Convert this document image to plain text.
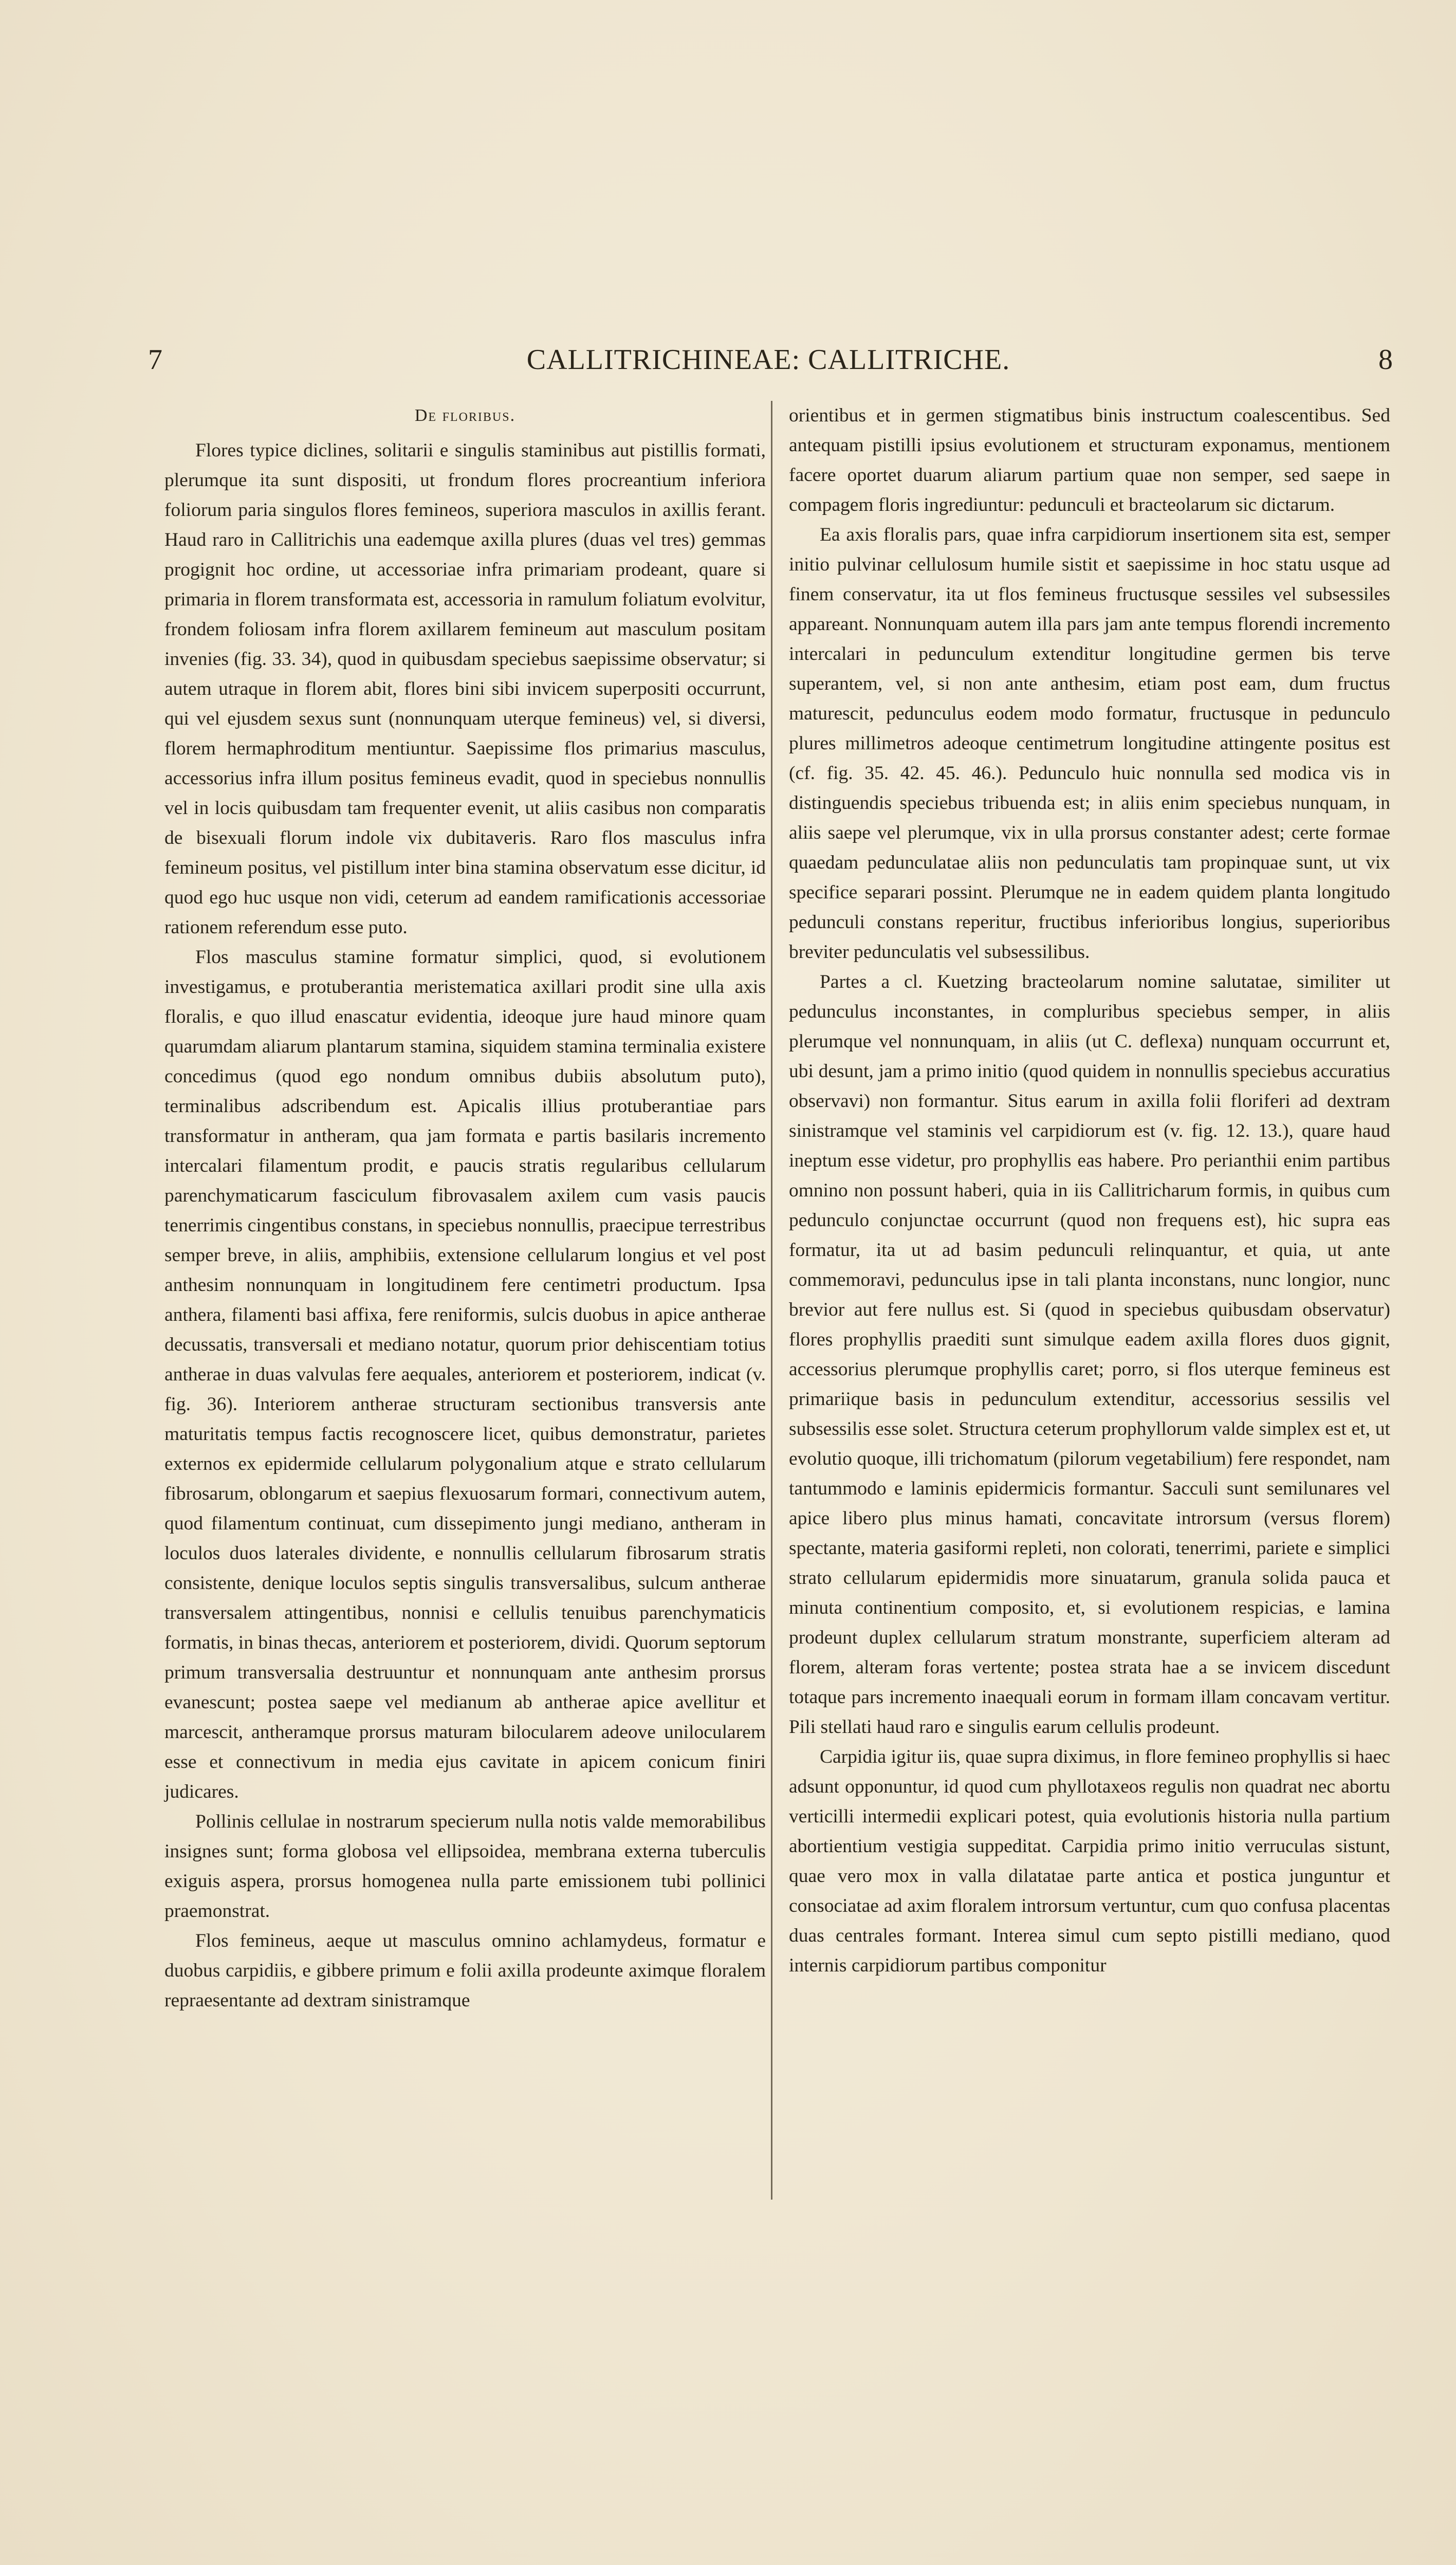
7	CALLITRICHINEAE: CALLITRICHE.	8
De floribus.

Flores typice diclines, solitarii e singulis staminibus aut pistillis formati, plerumque ita sunt dispositi, ut frondum flores procreantium inferiora foliorum paria singulos flores femineos, superiora masculos in axillis ferant. Haud raro in Callitrichis una eademque axilla plures (duas vel tres) gemmas progignit hoc ordine, ut accessoriae infra primariam prodeant, quare si primaria in florem transformata est, accessoria in ramulum foliatum evolvitur, frondem foliosam infra florem axillarem femineum aut masculum positam invenies (fig. 33. 34), quod in quibusdam speciebus saepissime observatur; si autem utraque in florem abit, flores bini sibi invicem superpositi occurrunt, qui vel ejusdem sexus sunt (nonnunquam uterque femineus) vel, si diversi, florem hermaphroditum mentiuntur. Saepissime flos primarius masculus, accessorius infra illum positus femineus evadit, quod in speciebus nonnullis vel in locis quibusdam tam frequenter evenit, ut aliis casibus non comparatis de bisexuali florum indole vix dubitaveris. Raro flos masculus infra femineum positus, vel pistillum inter bina stamina observatum esse dicitur, id quod ego huc usque non vidi, ceterum ad eandem ramificationis accessoriae rationem referendum esse puto.

Flos masculus stamine formatur simplici, quod, si evolutionem investigamus, e protuberantia meristematica axillari prodit sine ulla axis floralis, e quo illud enascatur evidentia, ideoque jure haud minore quam quarumdam aliarum plantarum stamina, siquidem stamina terminalia existere concedimus (quod ego nondum omnibus dubiis absolutum puto), terminalibus adscribendum est. Apicalis illius protuberantiae pars transformatur in antheram, qua jam formata e partis basilaris incremento intercalari filamentum prodit, e paucis stratis regularibus cellularum parenchymaticarum fasciculum fibrovasalem axilem cum vasis paucis tenerrimis cingentibus constans, in speciebus nonnullis, praecipue terrestribus semper breve, in aliis, amphibiis, extensione cellularum longius et vel post anthesim nonnunquam in longitudinem fere centimetri productum. Ipsa anthera, filamenti basi affixa, fere reniformis, sulcis duobus in apice antherae decussatis, transversali et mediano notatur, quorum prior dehiscentiam totius antherae in duas valvulas fere aequales, anteriorem et posteriorem, indicat (v. fig. 36). Interiorem antherae structuram sectionibus transversis ante maturitatis tempus factis recognoscere licet, quibus demonstratur, parietes externos ex epidermide cellularum polygonalium atque e strato cellularum fibrosarum, oblongarum et saepius flexuosarum formari, connectivum autem, quod filamentum continuat, cum dissepimento jungi mediano, antheram in loculos duos laterales dividente, e nonnullis cellularum fibrosarum stratis consistente, denique loculos septis singulis transversalibus, sulcum antherae transversalem attingentibus, nonnisi e cellulis tenuibus parenchymaticis formatis, in binas thecas, anteriorem et posteriorem, dividi. Quorum septorum primum transversalia destruuntur et nonnunquam ante anthesim prorsus evanescunt; postea saepe vel medianum ab antherae apice avellitur et marcescit, antheramque prorsus maturam bilocularem adeove unilocularem esse et connectivum in media ejus cavitate in apicem conicum finiri judicares.

Pollinis cellulae in nostrarum specierum nulla notis valde memorabilibus insignes sunt; forma globosa vel ellipsoidea, membrana externa tuberculis exiguis aspera, prorsus homogenea nulla parte emissionem tubi pollinici praemonstrat.

Flos femineus, aeque ut masculus omnino achlamydeus, formatur e duobus carpidiis, e gibbere primum e folii axilla prodeunte aximque floralem repraesentante ad dextram sinistramque

orientibus et in germen stigmatibus binis instructum coalescentibus. Sed antequam pistilli ipsius evolutionem et structuram exponamus, mentionem facere oportet duarum aliarum partium quae non semper, sed saepe in compagem floris ingrediuntur: pedunculi et bracteolarum sic dictarum.

Ea axis floralis pars, quae infra carpidiorum insertionem sita est, semper initio pulvinar cellulosum humile sistit et saepissime in hoc statu usque ad finem conservatur, ita ut flos femineus fructusque sessiles vel subsessiles appareant. Nonnunquam autem illa pars jam ante tempus florendi incremento intercalari in pedunculum extenditur longitudine germen bis terve superantem, vel, si non ante anthesim, etiam post eam, dum fructus maturescit, pedunculus eodem modo formatur, fructusque in pedunculo plures millimetros adeoque centimetrum longitudine attingente positus est (cf. fig. 35. 42. 45. 46.). Pedunculo huic nonnulla sed modica vis in distinguendis speciebus tribuenda est; in aliis enim speciebus nunquam, in aliis saepe vel plerumque, vix in ulla prorsus constanter adest; certe formae quaedam pedunculatae aliis non pedunculatis tam propinquae sunt, ut vix specifice separari possint. Plerumque ne in eadem quidem planta longitudo pedunculi constans reperitur, fructibus inferioribus longius, superioribus breviter pedunculatis vel subsessilibus.

Partes a cl. Kuetzing bracteolarum nomine salutatae, similiter ut pedunculus inconstantes, in compluribus speciebus semper, in aliis plerumque vel nonnunquam, in aliis (ut C. deflexa) nunquam occurrunt et, ubi desunt, jam a primo initio (quod quidem in nonnullis speciebus accuratius observavi) non formantur. Situs earum in axilla folii floriferi ad dextram sinistramque vel staminis vel carpidiorum est (v. fig. 12. 13.), quare haud ineptum esse videtur, pro prophyllis eas habere. Pro perianthii enim partibus omnino non possunt haberi, quia in iis Callitricharum formis, in quibus cum pedunculo conjunctae occurrunt (quod non frequens est), hic supra eas formatur, ita ut ad basim pedunculi relinquantur, et quia, ut ante commemoravi, pedunculus ipse in tali planta inconstans, nunc longior, nunc brevior aut fere nullus est. Si (quod in speciebus quibusdam observatur) flores prophyllis praediti sunt simulque eadem axilla flores duos gignit, accessorius plerumque prophyllis caret; porro, si flos uterque femineus est primariique basis in pedunculum extenditur, accessorius sessilis vel subsessilis esse solet. Structura ceterum prophyllorum valde simplex est et, ut evolutio quoque, illi trichomatum (pilorum vegetabilium) fere respondet, nam tantummodo e laminis epidermicis formantur. Sacculi sunt semilunares vel apice libero plus minus hamati, concavitate introrsum (versus florem) spectante, materia gasiformi repleti, non colorati, tenerrimi, pariete e simplici strato cellularum epidermidis more sinuatarum, granula solida pauca et minuta continentium composito, et, si evolutionem respicias, e lamina prodeunt duplex cellularum stratum monstrante, superficiem alteram ad florem, alteram foras vertente; postea strata hae a se invicem discedunt totaque pars incremento inaequali eorum in formam illam concavam vertitur. Pili stellati haud raro e singulis earum cellulis prodeunt.

Carpidia igitur iis, quae supra diximus, in flore femineo prophyllis si haec adsunt opponuntur, id quod cum phyllotaxeos regulis non quadrat nec abortu verticilli intermedii explicari potest, quia evolutionis historia nulla partium abortientium vestigia suppeditat. Carpidia primo initio verruculas sistunt, quae vero mox in valla dilatatae parte antica et postica junguntur et consociatae ad axim floralem introrsum vertuntur, cum quo confusa placentas duas centrales formant. Interea simul cum septo pistilli mediano, quod internis carpidiorum partibus componitur
